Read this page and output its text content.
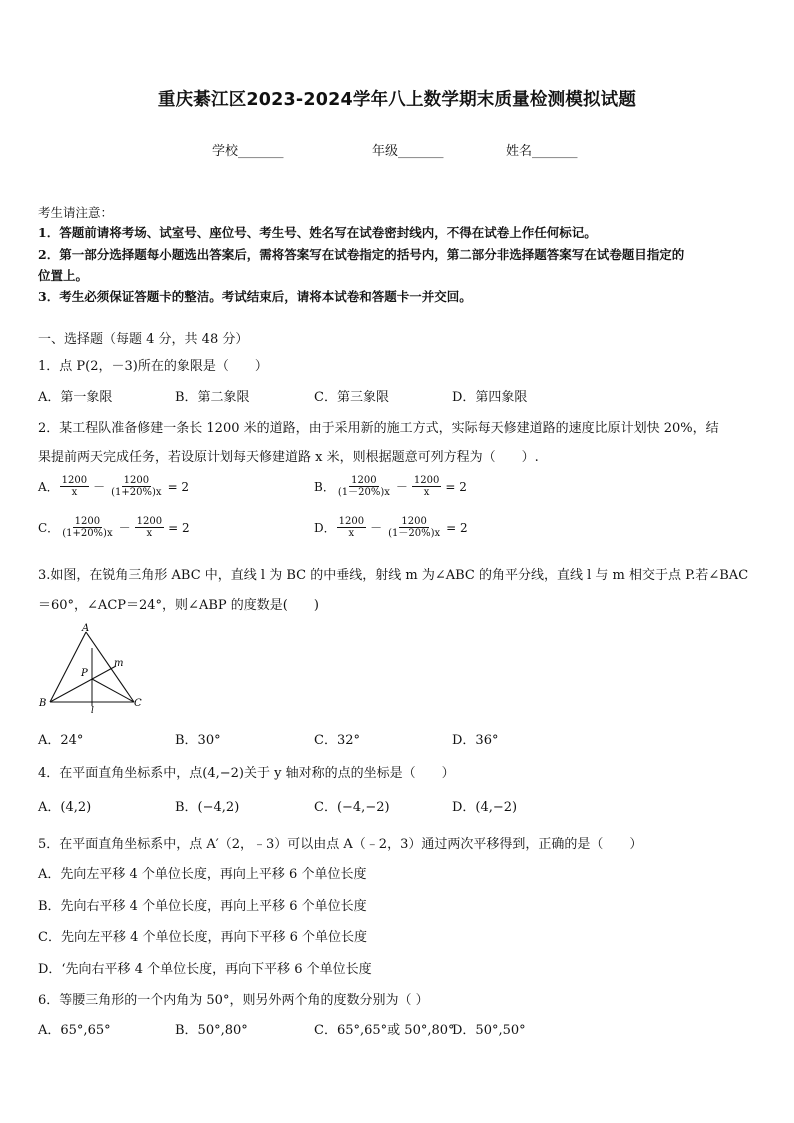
重庆綦江区2023-2024学年八上数学期末质量检测模拟试题
学校_______	年级_______	姓名_______
考生请注意：
1．答题前请将考场、试室号、座位号、考生号、姓名写在试卷密封线内，不得在试卷上作任何标记。
2．第一部分选择题每小题选出答案后，需将答案写在试卷指定的括号内，第二部分非选择题答案写在试卷题目指定的
位置上。
3．考生必须保证答题卡的整洁。考试结束后，请将本试卷和答题卡一并交回。
一、选择题（每题 4 分，共 48 分）
1．点 P(2，－3)所在的象限是（　　）
A．第一象限	B．第二象限	C．第三象限	D．第四象限
2．某工程队准备修建一条长 1200 米的道路，由于采用新的施工方式，实际每天修建道路的速度比原计划快 20%，结
果提前两天完成任务，若设原计划每天修建道路 x 米，则根据题意可列方程为（　　）.
A． $\frac{1200}{x} - \frac{1200}{(1+20\%)x} = 2$	B． $\frac{1200}{(1-20\%)x} - \frac{1200}{x} = 2$
C． $\frac{1200}{(1+20\%)x} - \frac{1200}{x} = 2$	D． $\frac{1200}{x} - \frac{1200}{(1-20\%)x} = 2$
3.如图，在锐角三角形 ABC 中，直线 l 为 BC 的中垂线，射线 m 为∠ABC 的角平分线，直线 l 与 m 相交于点 P.若∠BAC
＝60°，∠ACP＝24°，则∠ABP 的度数是(　　)
A
B	C
P
m
l
A．24°	B．30°	C．32°	D．36°
4．在平面直角坐标系中，点(4,−2)关于 y 轴对称的点的坐标是（　　）
A．(4,2)	B．(−4,2)	C．(−4,−2)	D．(4,−2)
5．在平面直角坐标系中，点 A′（2，﹣3）可以由点 A（﹣2，3）通过两次平移得到，正确的是（　　）
A．先向左平移 4 个单位长度，再向上平移 6 个单位长度
B．先向右平移 4 个单位长度，再向上平移 6 个单位长度
C．先向左平移 4 个单位长度，再向下平移 6 个单位长度
D．‘先向右平移 4 个单位长度，再向下平移 6 个单位长度
6．等腰三角形的一个内角为 50°，则另外两个角的度数分别为（ ）
A．65°,65°	B．50°,80°	C．65°,65°或 50°,80°
D．50°,50°
